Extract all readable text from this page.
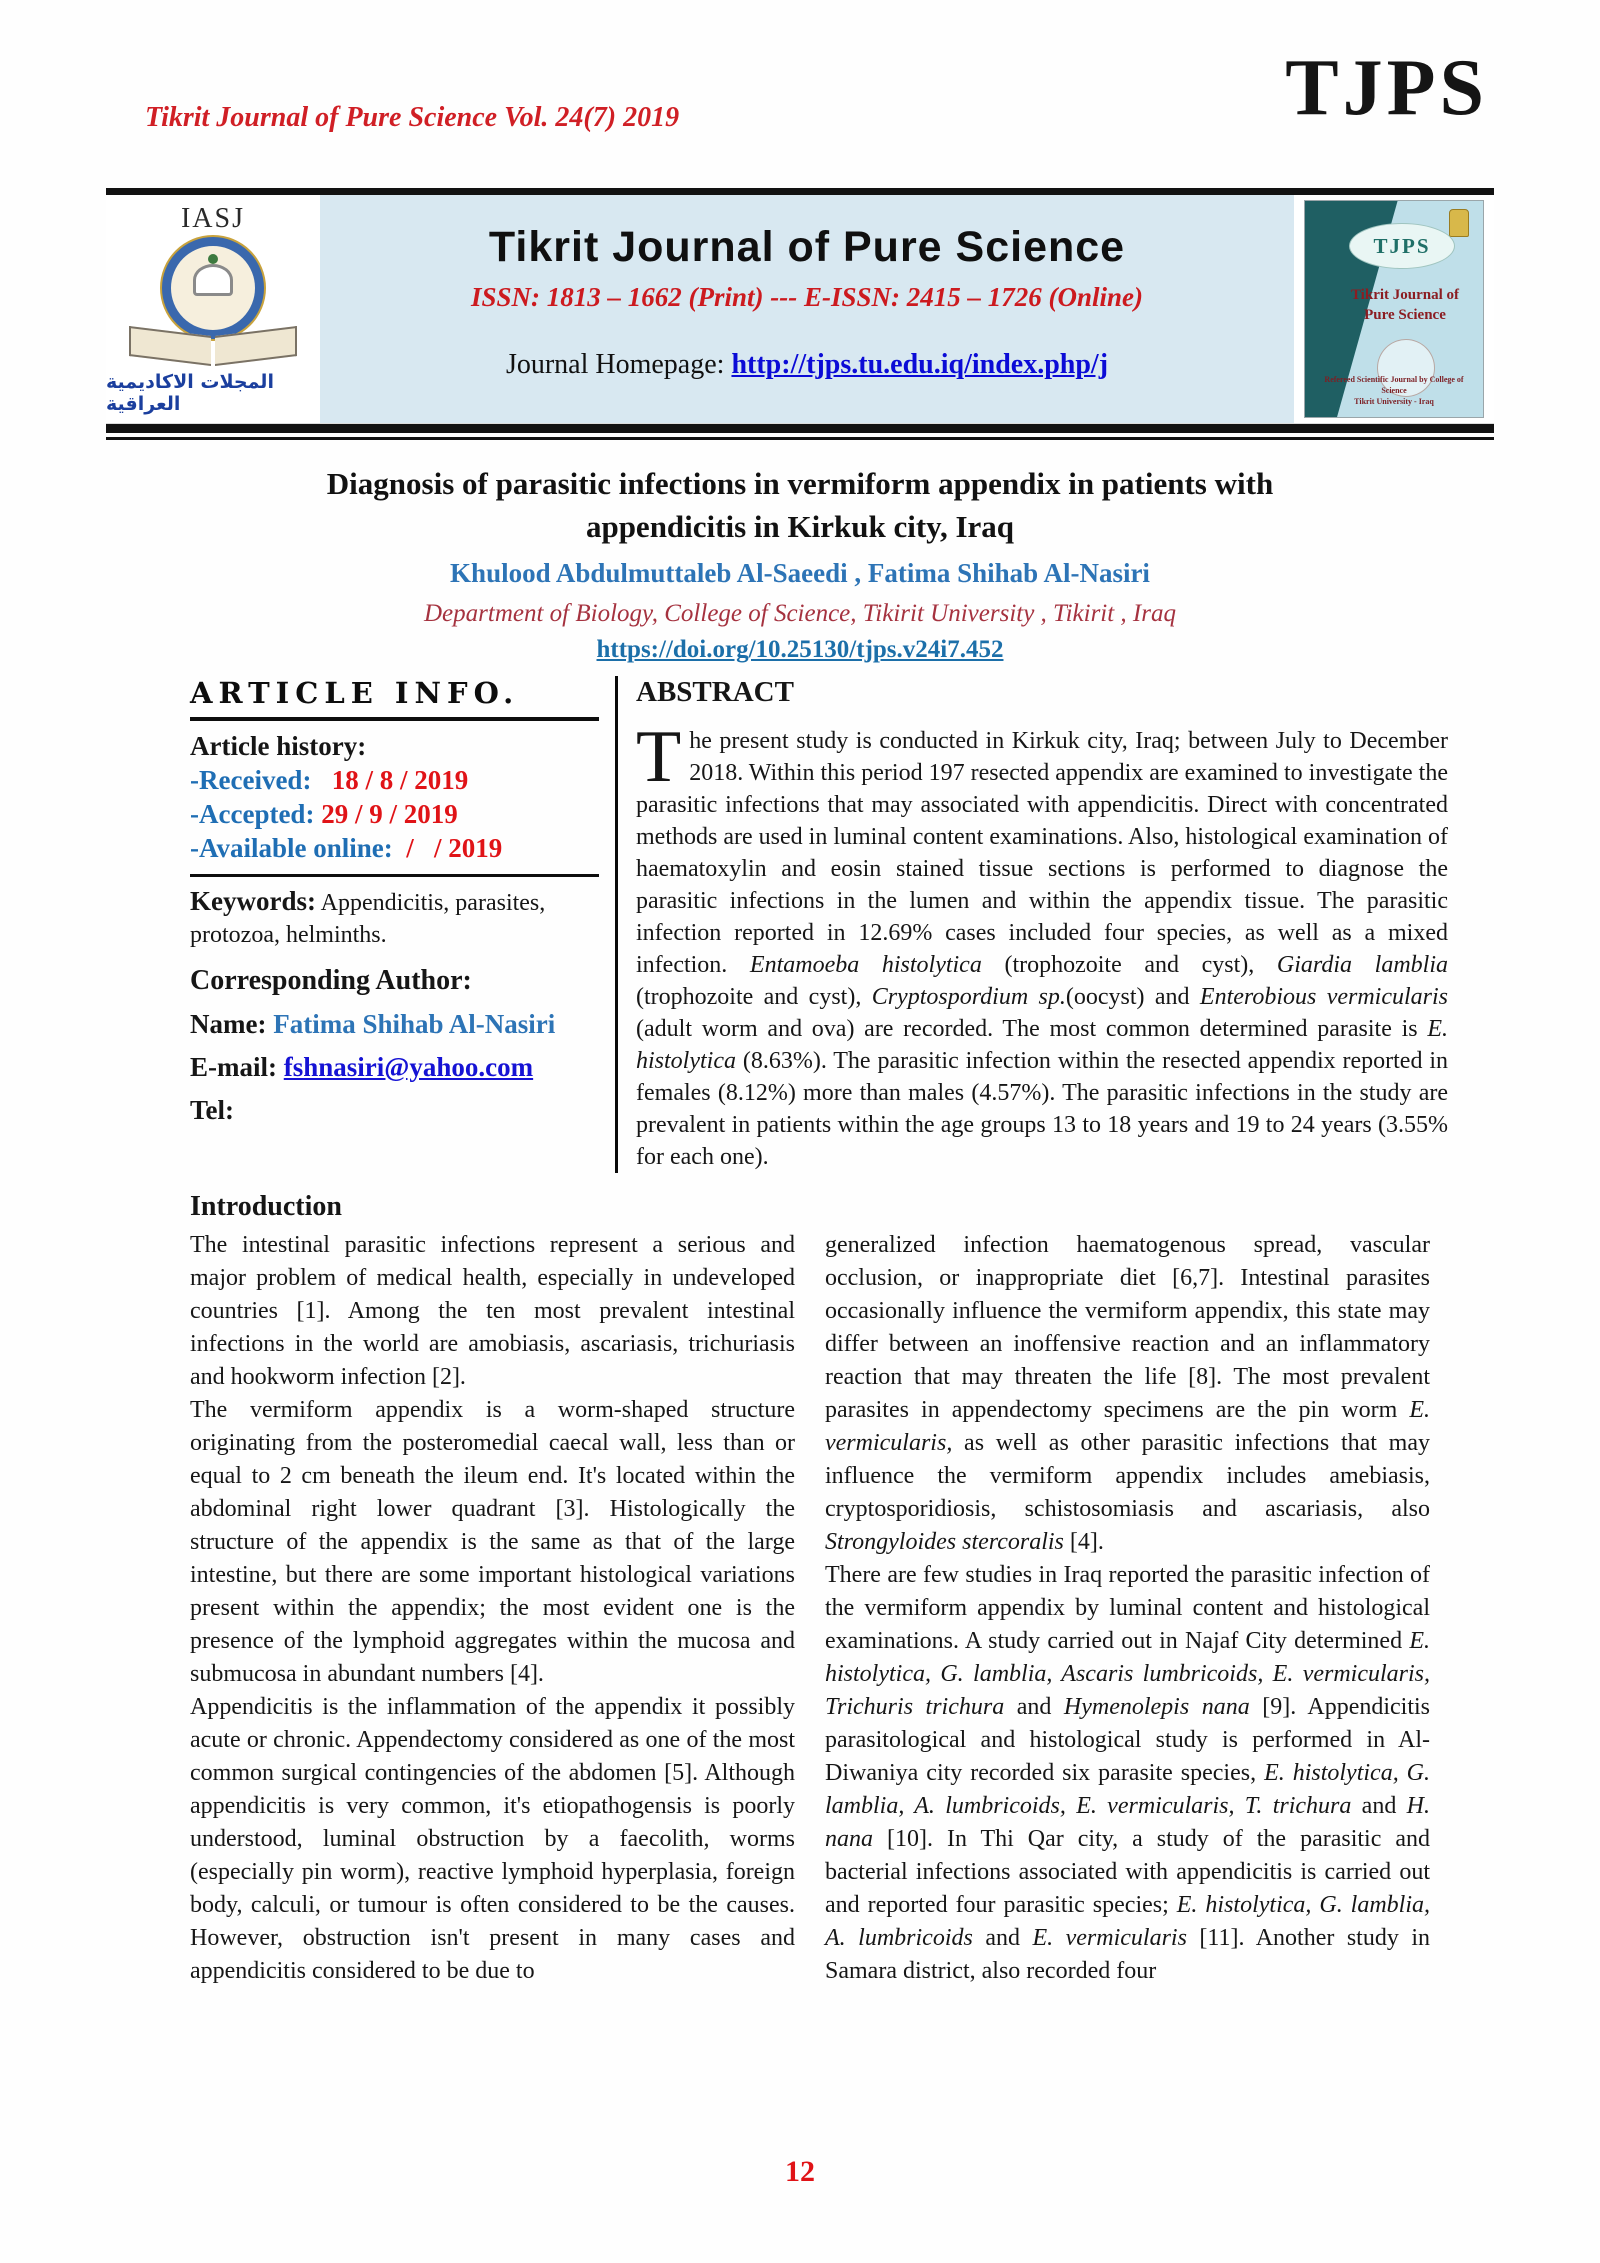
Tikrit Journal of Pure Science Vol. 24(7) 2019	TJPS
IASJ
المجلات الاكاديمية العراقية
Tikrit Journal of Pure Science
ISSN: 1813 – 1662 (Print) --- E-ISSN: 2415 – 1726 (Online)
Journal Homepage: http://tjps.tu.edu.iq/index.php/j
TJPS
Tikrit Journal of
Pure Science
Refereed Scientific Journal by College of Science
Tikrit University - Iraq
Diagnosis of parasitic infections in vermiform appendix in patients with
appendicitis in Kirkuk city, Iraq
Khulood Abdulmuttaleb Al-Saeedi , Fatima Shihab Al-Nasiri
Department of Biology, College of Science, Tikirit University , Tikirit , Iraq
https://doi.org/10.25130/tjps.v24i7.452
ARTICLE INFO.
Article history:
-Received:   18 / 8 / 2019
-Accepted: 29 / 9 / 2019
-Available online:  /   / 2019
Keywords: Appendicitis, parasites, protozoa, helminths.
Corresponding Author:
Name: Fatima Shihab Al-Nasiri
E-mail: fshnasiri@yahoo.com
Tel:
ABSTRACT
The present study is conducted in Kirkuk city, Iraq; between July to December 2018. Within this period 197 resected appendix are examined to investigate the parasitic infections that may associated with appendicitis. Direct with concentrated methods are used in luminal content examinations. Also, histological examination of haematoxylin and eosin stained tissue sections is performed to diagnose the parasitic infections in the lumen and within the appendix tissue. The parasitic infection reported in 12.69% cases included four species, as well as a mixed infection. Entamoeba histolytica (trophozoite and cyst), Giardia lamblia (trophozoite and cyst), Cryptospordium sp.(oocyst) and Enterobious vermicularis (adult worm and ova) are recorded. The most common determined parasite is E. histolytica (8.63%). The parasitic infection within the resected appendix reported in females (8.12%) more than males (4.57%). The parasitic infections in the study are prevalent in patients within the age groups 13 to 18 years and 19 to 24 years (3.55% for each one).
Introduction
The intestinal parasitic infections represent a serious and major problem of medical health, especially in undeveloped countries [1]. Among the ten most prevalent intestinal infections in the world are amobiasis, ascariasis, trichuriasis and hookworm infection [2].
The vermiform appendix is a worm-shaped structure originating from the posteromedial caecal wall, less than or equal to 2 cm beneath the ileum end. It's located within the abdominal right lower quadrant [3]. Histologically the structure of the appendix is the same as that of the large intestine, but there are some important histological variations present within the appendix; the most evident one is the presence of the lymphoid aggregates within the mucosa and submucosa in abundant numbers [4].
Appendicitis is the inflammation of the appendix it possibly acute or chronic. Appendectomy considered as one of the most common surgical contingencies of the abdomen [5]. Although appendicitis is very common, it's etiopathogensis is poorly understood, luminal obstruction by a faecolith, worms (especially pin worm), reactive lymphoid hyperplasia, foreign body, calculi, or tumour is often considered to be the causes. However, obstruction isn't present in many cases and appendicitis considered to be due to
generalized infection haematogenous spread, vascular occlusion, or inappropriate diet [6,7]. Intestinal parasites occasionally influence the vermiform appendix, this state may differ between an inoffensive reaction and an inflammatory reaction that may threaten the life [8]. The most prevalent parasites in appendectomy specimens are the pin worm E. vermicularis, as well as other parasitic infections that may influence the vermiform appendix includes amebiasis, cryptosporidiosis, schistosomiasis and ascariasis, also Strongyloides stercoralis [4].
There are few studies in Iraq reported the parasitic infection of the vermiform appendix by luminal content and histological examinations. A study carried out in Najaf City determined E. histolytica, G. lamblia, Ascaris lumbricoids, E. vermicularis, Trichuris trichura and Hymenolepis nana [9]. Appendicitis parasitological and histological study is performed in Al-Diwaniya city recorded six parasite species, E. histolytica, G. lamblia, A. lumbricoids, E. vermicularis, T. trichura and H. nana [10]. In Thi Qar city, a study of the parasitic and bacterial infections associated with appendicitis is carried out and reported four parasitic species; E. histolytica, G. lamblia, A. lumbricoids and E. vermicularis [11]. Another study in Samara district, also recorded four
12
